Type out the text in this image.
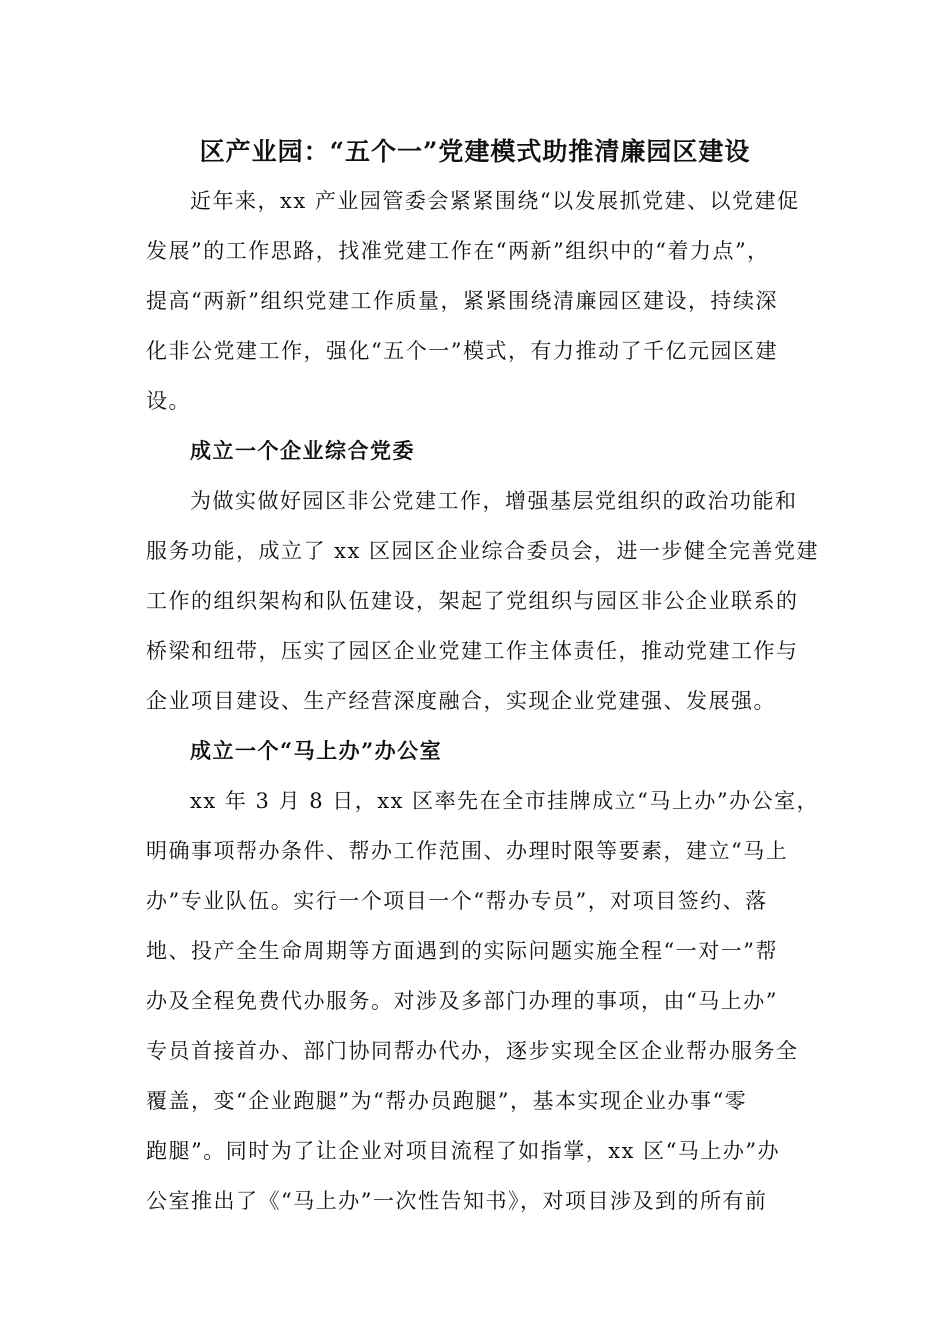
区产业园：“五个一”党建模式助推清廉园区建设
近年来，xx 产业园管委会紧紧围绕“以发展抓党建、以党建促
发展”的工作思路，找准党建工作在“两新”组织中的“着力点”，
提高“两新”组织党建工作质量，紧紧围绕清廉园区建设，持续深
化非公党建工作，强化“五个一”模式，有力推动了千亿元园区建
设。
成立一个企业综合党委
为做实做好园区非公党建工作，增强基层党组织的政治功能和
服务功能，成立了 xx 区园区企业综合委员会，进一步健全完善党建
工作的组织架构和队伍建设，架起了党组织与园区非公企业联系的
桥梁和纽带，压实了园区企业党建工作主体责任，推动党建工作与
企业项目建设、生产经营深度融合，实现企业党建强、发展强。
成立一个“马上办”办公室
xx 年 3 月 8 日，xx 区率先在全市挂牌成立“马上办”办公室，
明确事项帮办条件、帮办工作范围、办理时限等要素，建立“马上
办”专业队伍。实行一个项目一个“帮办专员”，对项目签约、落
地、投产全生命周期等方面遇到的实际问题实施全程“一对一”帮
办及全程免费代办服务。对涉及多部门办理的事项，由“马上办”
专员首接首办、部门协同帮办代办，逐步实现全区企业帮办服务全
覆盖，变“企业跑腿”为“帮办员跑腿”，基本实现企业办事“零
跑腿”。同时为了让企业对项目流程了如指掌，xx 区“马上办”办
公室推出了《“马上办”一次性告知书》，对项目涉及到的所有前
